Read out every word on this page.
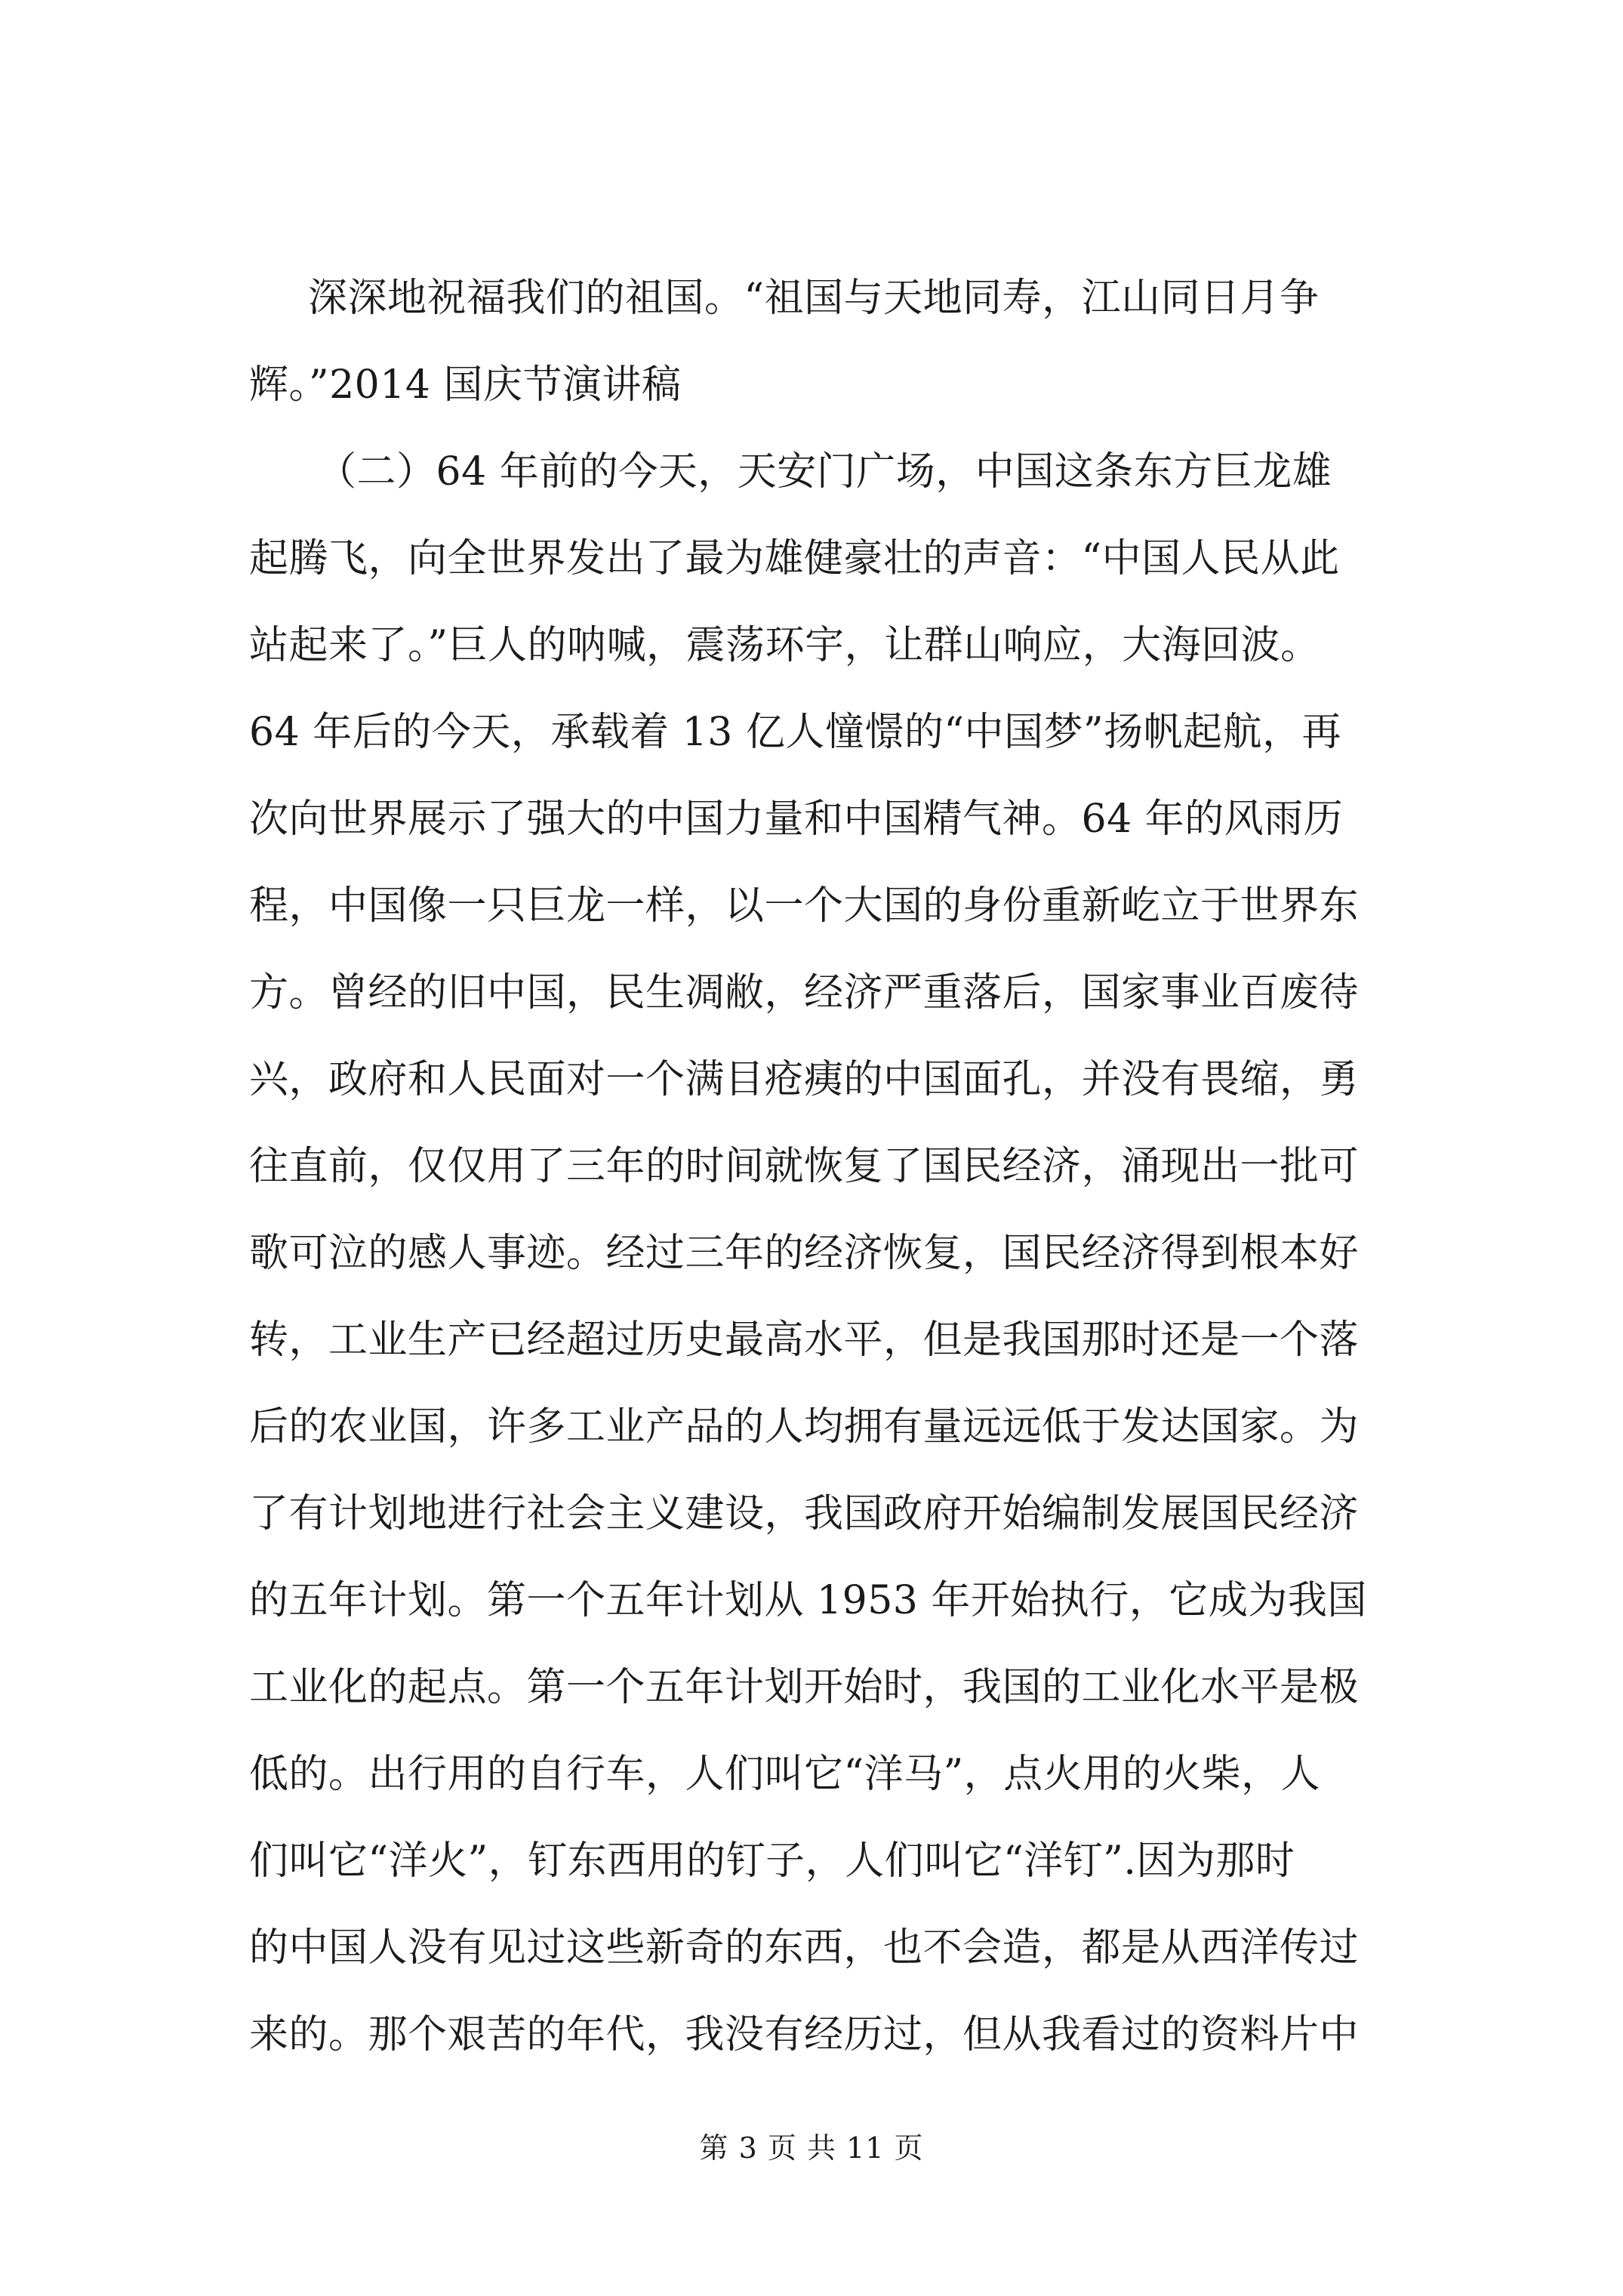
深深地祝福我们的祖国。“祖国与天地同寿，江山同日月争
辉。”2014 国庆节演讲稿
（二）64 年前的今天，天安门广场，中国这条东方巨龙雄
起腾飞，向全世界发出了最为雄健豪壮的声音：“中国人民从此
站起来了。”巨人的呐喊，震荡环宇，让群山响应，大海回波。
64 年后的今天，承载着 13 亿人憧憬的“中国梦”扬帆起航，再
次向世界展示了强大的中国力量和中国精气神。64 年的风雨历
程，中国像一只巨龙一样，以一个大国的身份重新屹立于世界东
方。曾经的旧中国，民生凋敝，经济严重落后，国家事业百废待
兴，政府和人民面对一个满目疮痍的中国面孔，并没有畏缩，勇
往直前，仅仅用了三年的时间就恢复了国民经济，涌现出一批可
歌可泣的感人事迹。经过三年的经济恢复，国民经济得到根本好
转，工业生产已经超过历史最高水平，但是我国那时还是一个落
后的农业国，许多工业产品的人均拥有量远远低于发达国家。为
了有计划地进行社会主义建设，我国政府开始编制发展国民经济
的五年计划。第一个五年计划从 1953 年开始执行，它成为我国
工业化的起点。第一个五年计划开始时，我国的工业化水平是极
低的。出行用的自行车，人们叫它“洋马”，点火用的火柴，人
们叫它“洋火”，钉东西用的钉子，人们叫它“洋钉”.因为那时
的中国人没有见过这些新奇的东西，也不会造，都是从西洋传过
来的。那个艰苦的年代，我没有经历过，但从我看过的资料片中
第 3 页 共 11 页
